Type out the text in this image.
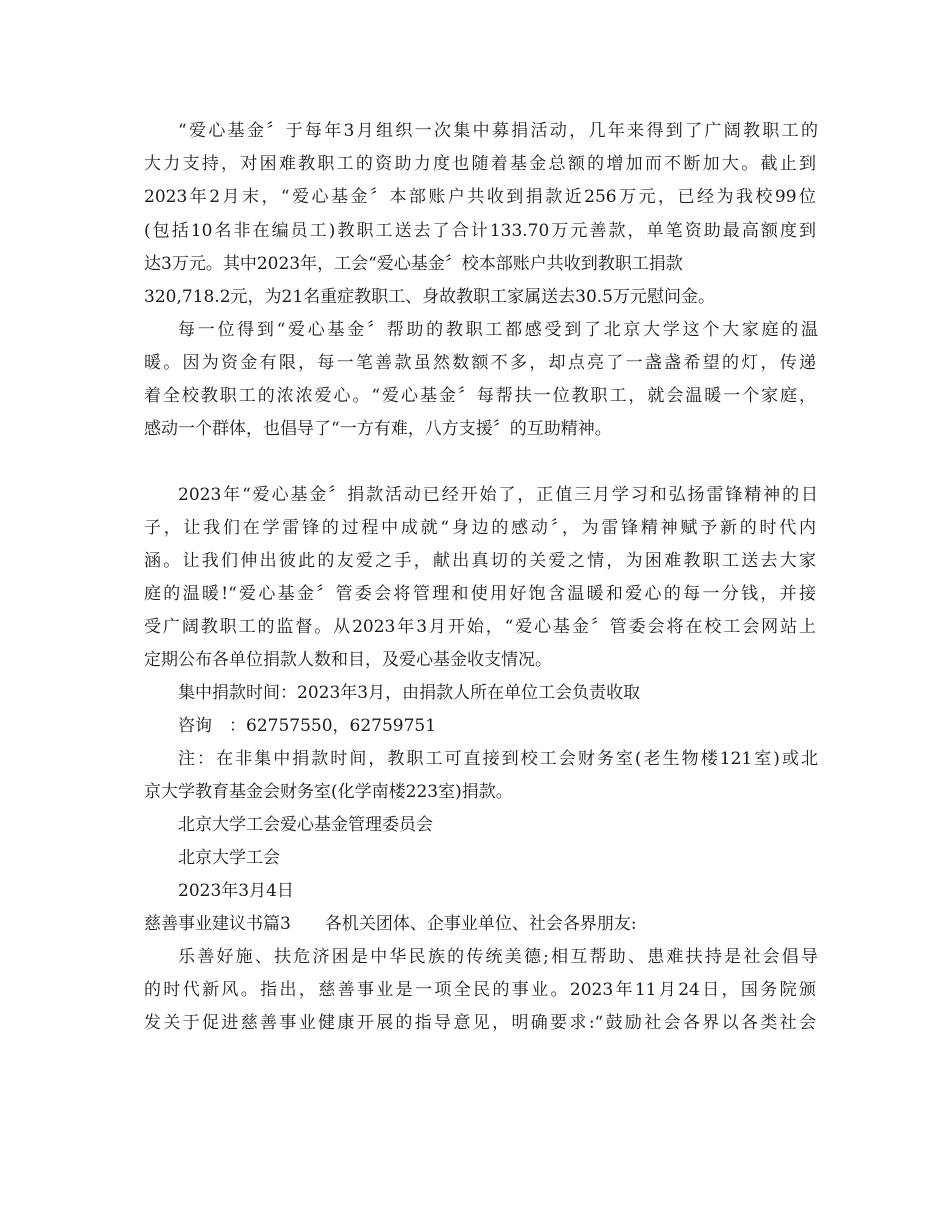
“爱心基金〞于每年3月组织一次集中募捐活动，几年来得到了广阔教职工的
大力支持，对困难教职工的资助力度也随着基金总额的增加而不断加大。截止到
2023年2月末，“爱心基金〞本部账户共收到捐款近256万元，已经为我校99位
(包括10名非在编员工)教职工送去了合计133.70万元善款，单笔资助最高额度到
达3万元。其中2023年，工会“爱心基金〞校本部账户共收到教职工捐款
320,718.2元，为21名重症教职工、身故教职工家属送去30.5万元慰问金。
每一位得到“爱心基金〞帮助的教职工都感受到了北京大学这个大家庭的温
暖。因为资金有限，每一笔善款虽然数额不多，却点亮了一盏盏希望的灯，传递
着全校教职工的浓浓爱心。“爱心基金〞每帮扶一位教职工，就会温暖一个家庭，
感动一个群体，也倡导了“一方有难，八方支援〞的互助精神。
2023年“爱心基金〞捐款活动已经开始了，正值三月学习和弘扬雷锋精神的日
子，让我们在学雷锋的过程中成就“身边的感动〞，为雷锋精神赋予新的时代内
涵。让我们伸出彼此的友爱之手，献出真切的关爱之情，为困难教职工送去大家
庭的温暖!“爱心基金〞管委会将管理和使用好饱含温暖和爱心的每一分钱，并接
受广阔教职工的监督。从2023年3月开始，“爱心基金〞管委会将在校工会网站上
定期公布各单位捐款人数和目，及爱心基金收支情况。
集中捐款时间：2023年3月，由捐款人所在单位工会负责收取
咨询　：62757550，62759751
注：在非集中捐款时间，教职工可直接到校工会财务室(老生物楼121室)或北
京大学教育基金会财务室(化学南楼223室)捐款。
北京大学工会爱心基金管理委员会
北京大学工会
2023年3月4日
慈善事业建议书篇3　　各机关团体、企事业单位、社会各界朋友:
乐善好施、扶危济困是中华民族的传统美德;相互帮助、患难扶持是社会倡导
的时代新风。指出，慈善事业是一项全民的事业。2023年11月24日，国务院颁
发关于促进慈善事业健康开展的指导意见，明确要求:“鼓励社会各界以各类社会
